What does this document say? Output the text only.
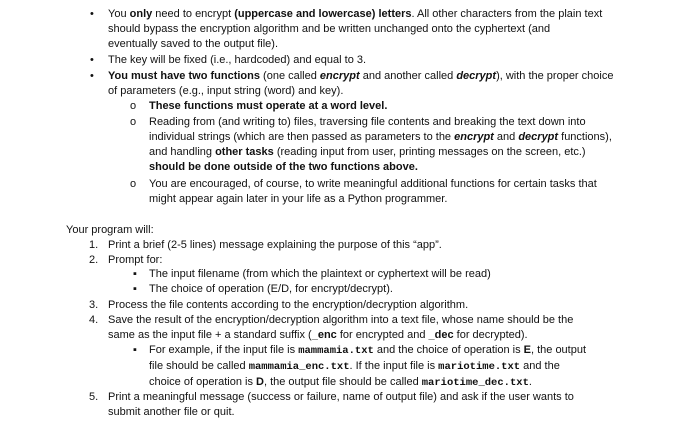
• You only need to encrypt (uppercase and lowercase) letters. All other characters from the plain text
should bypass the encryption algorithm and be written unchanged onto the cyphertext (and
eventually saved to the output file).
• The key will be fixed (i.e., hardcoded) and equal to 3.
• You must have two functions (one called encrypt and another called decrypt), with the proper choice
of parameters (e.g., input string (word) and key).
o These functions must operate at a word level.
o Reading from (and writing to) files, traversing file contents and breaking the text down into
individual strings (which are then passed as parameters to the encrypt and decrypt functions),
and handling other tasks (reading input from user, printing messages on the screen, etc.)
should be done outside of the two functions above.
o You are encouraged, of course, to write meaningful additional functions for certain tasks that
might appear again later in your life as a Python programmer.
Your program will:
1. Print a brief (2-5 lines) message explaining the purpose of this “app”.
2. Prompt for:
▪ The input filename (from which the plaintext or cyphertext will be read)
▪ The choice of operation (E/D, for encrypt/decrypt).
3. Process the file contents according to the encryption/decryption algorithm.
4. Save the result of the encryption/decryption algorithm into a text file, whose name should be the
same as the input file + a standard suffix (_enc for encrypted and _dec for decrypted).
▪ For example, if the input file is mammamia.txt and the choice of operation is E, the output
file should be called mammamia_enc.txt. If the input file is mariotime.txt and the
choice of operation is D, the output file should be called mariotime_dec.txt.
5. Print a meaningful message (success or failure, name of output file) and ask if the user wants to
submit another file or quit.
